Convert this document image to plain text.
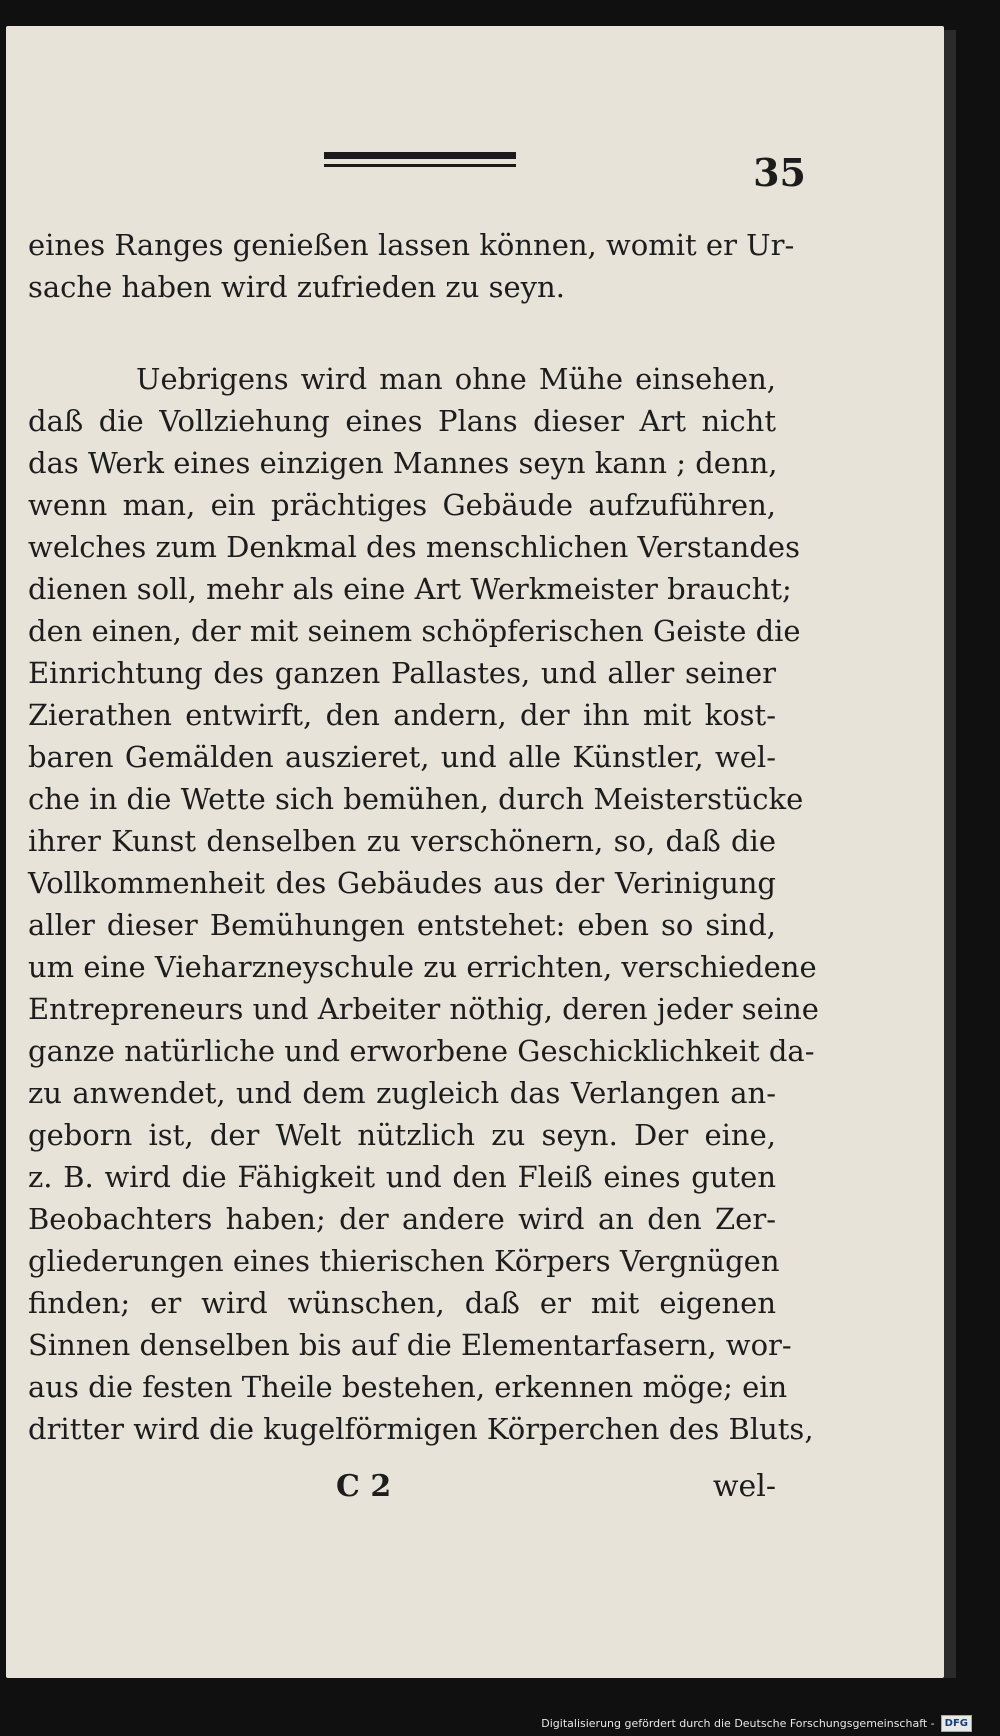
35
eines Ranges genießen lassen können, womit er Ur-
sache haben wird zufrieden zu seyn.
Uebrigens wird man ohne Mühe einsehen,
daß die Vollziehung eines Plans dieser Art nicht
das Werk eines einzigen Mannes seyn kann ; denn,
wenn man, ein prächtiges Gebäude aufzuführen,
welches zum Denkmal des menschlichen Verstandes
dienen soll, mehr als eine Art Werkmeister braucht;
den einen, der mit seinem schöpferischen Geiste die
Einrichtung des ganzen Pallastes, und aller seiner
Zierathen entwirft, den andern, der ihn mit kost-
baren Gemälden auszieret, und alle Künstler, wel-
che in die Wette sich bemühen, durch Meisterstücke
ihrer Kunst denselben zu verschönern, so, daß die
Vollkommenheit des Gebäudes aus der Verinigung
aller dieser Bemühungen entstehet: eben so sind,
um eine Vieharzneyschule zu errichten, verschiedene
Entrepreneurs und Arbeiter nöthig, deren jeder seine
ganze natürliche und erworbene Geschicklichkeit da-
zu anwendet, und dem zugleich das Verlangen an-
geborn ist, der Welt nützlich zu seyn. Der eine,
z. B. wird die Fähigkeit und den Fleiß eines guten
Beobachters haben; der andere wird an den Zer-
gliederungen eines thierischen Körpers Vergnügen
finden; er wird wünschen, daß er mit eigenen
Sinnen denselben bis auf die Elementarfasern, wor-
aus die festen Theile bestehen, erkennen möge; ein
dritter wird die kugelförmigen Körperchen des Bluts,
C 2	wel-
Digitalisierung gefördert durch die Deutsche Forschungsgemeinschaft -	DFG
